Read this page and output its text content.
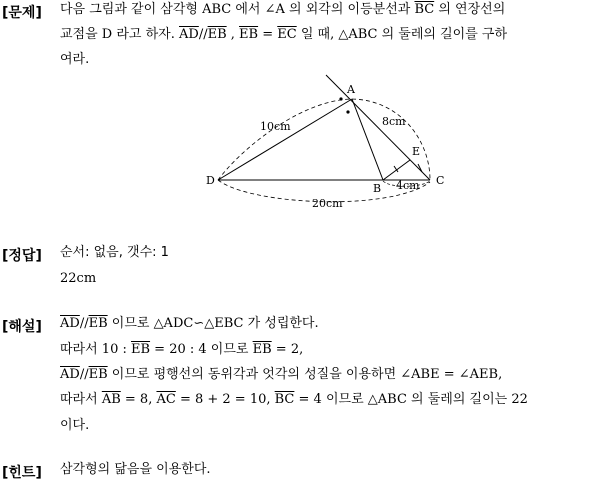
[문제] 다음 그림과 같이 삼각형 ABC 에서 ∠A 의 외각의 이등분선과 $\overline{BC}$ 의 연장선의
교점을 D 라고 하자. $\overline{AD}//\overline{EB}$ , $\overline{EB} = \overline{EC}$ 일 때, △ABC 의 둘레의 길이를 구하
여라.
A
B
C
D
E
10cm	8cm
4cm
20cm
[정답] 순서: 없음, 갯수: 1
22cm
[해설] $\overline{AD}//\overline{EB}$ 이므로 △ADC∽△EBC 가 성립한다.
따라서 10 : $\overline{EB} = 20$ : 4 이므로 $\overline{EB} = 2$,
$\overline{AD}//\overline{EB}$ 이므로 평행선의 동위각과 엇각의 성질을 이용하면 ∠ABE = ∠AEB,
따라서 $\overline{AB} = 8$, $\overline{AC} = 8 + 2 = 10$, $\overline{BC} = 4$ 이므로 △ABC 의 둘레의 길이는 22
이다.
[힌트] 삼각형의 닮음을 이용한다.
